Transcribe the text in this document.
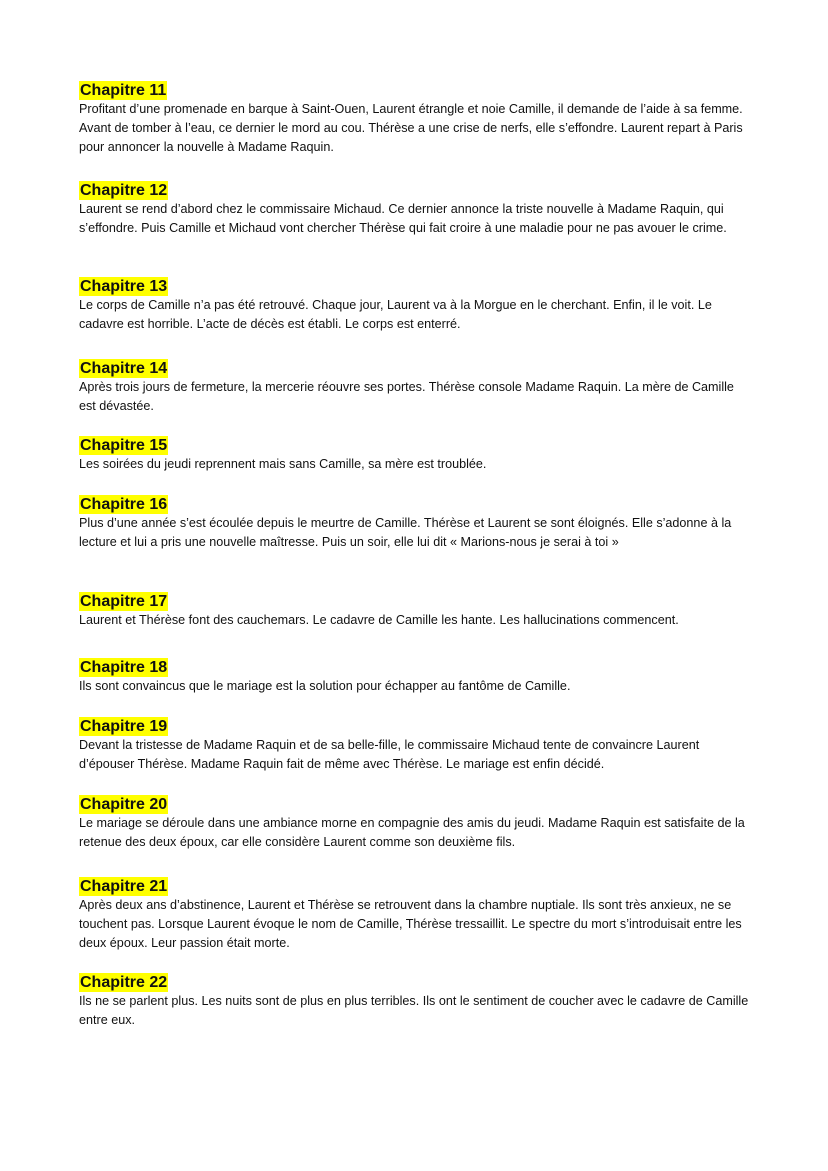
Chapitre 11

Profitant d’une promenade en barque à Saint-Ouen, Laurent étrangle et noie Camille, il demande de l’aide à sa femme. Avant de tomber à l’eau, ce dernier le mord au cou. Thérèse a une crise de nerfs, elle s’effondre. Laurent repart à Paris pour annoncer la nouvelle à Madame Raquin.

Chapitre 12

Laurent se rend d’abord chez le commissaire Michaud. Ce dernier annonce la triste nouvelle à Madame Raquin, qui s’effondre. Puis Camille et Michaud vont chercher Thérèse qui fait croire à une maladie pour ne pas avouer le crime.

Chapitre 13

Le corps de Camille n’a pas été retrouvé. Chaque jour, Laurent va à la Morgue en le cherchant. Enfin, il le voit. Le cadavre est horrible. L’acte de décès est établi. Le corps est enterré.

Chapitre 14

Après trois jours de fermeture, la mercerie réouvre ses portes. Thérèse console Madame Raquin. La mère de Camille est dévastée.

Chapitre 15

Les soirées du jeudi reprennent mais sans Camille, sa mère est troublée.

Chapitre 16

Plus d’une année s’est écoulée depuis le meurtre de Camille. Thérèse et Laurent se sont éloignés. Elle s’adonne à la lecture et lui a pris une nouvelle maîtresse. Puis un soir, elle lui dit « Marions-nous je serai à toi »

Chapitre 17

Laurent et Thérèse font des cauchemars. Le cadavre de Camille les hante. Les hallucinations commencent.

Chapitre 18

Ils sont convaincus que le mariage est la solution pour échapper au fantôme de Camille.

Chapitre 19

Devant la tristesse de Madame Raquin et de sa belle-fille, le commissaire Michaud tente de convaincre Laurent d’épouser Thérèse. Madame Raquin fait de même avec Thérèse. Le mariage est enfin décidé.

Chapitre 20

Le mariage se déroule dans une ambiance morne en compagnie des amis du jeudi. Madame Raquin est satisfaite de la retenue des deux époux, car elle considère Laurent comme son deuxième fils.

Chapitre 21

Après deux ans d’abstinence, Laurent et Thérèse se retrouvent dans la chambre nuptiale. Ils sont très anxieux, ne se touchent pas. Lorsque Laurent évoque le nom de Camille, Thérèse tressaillit. Le spectre du mort s’introduisait entre les deux époux. Leur passion était morte.

Chapitre 22

Ils ne se parlent plus. Les nuits sont de plus en plus terribles. Ils ont le sentiment de coucher avec le cadavre de Camille entre eux.
